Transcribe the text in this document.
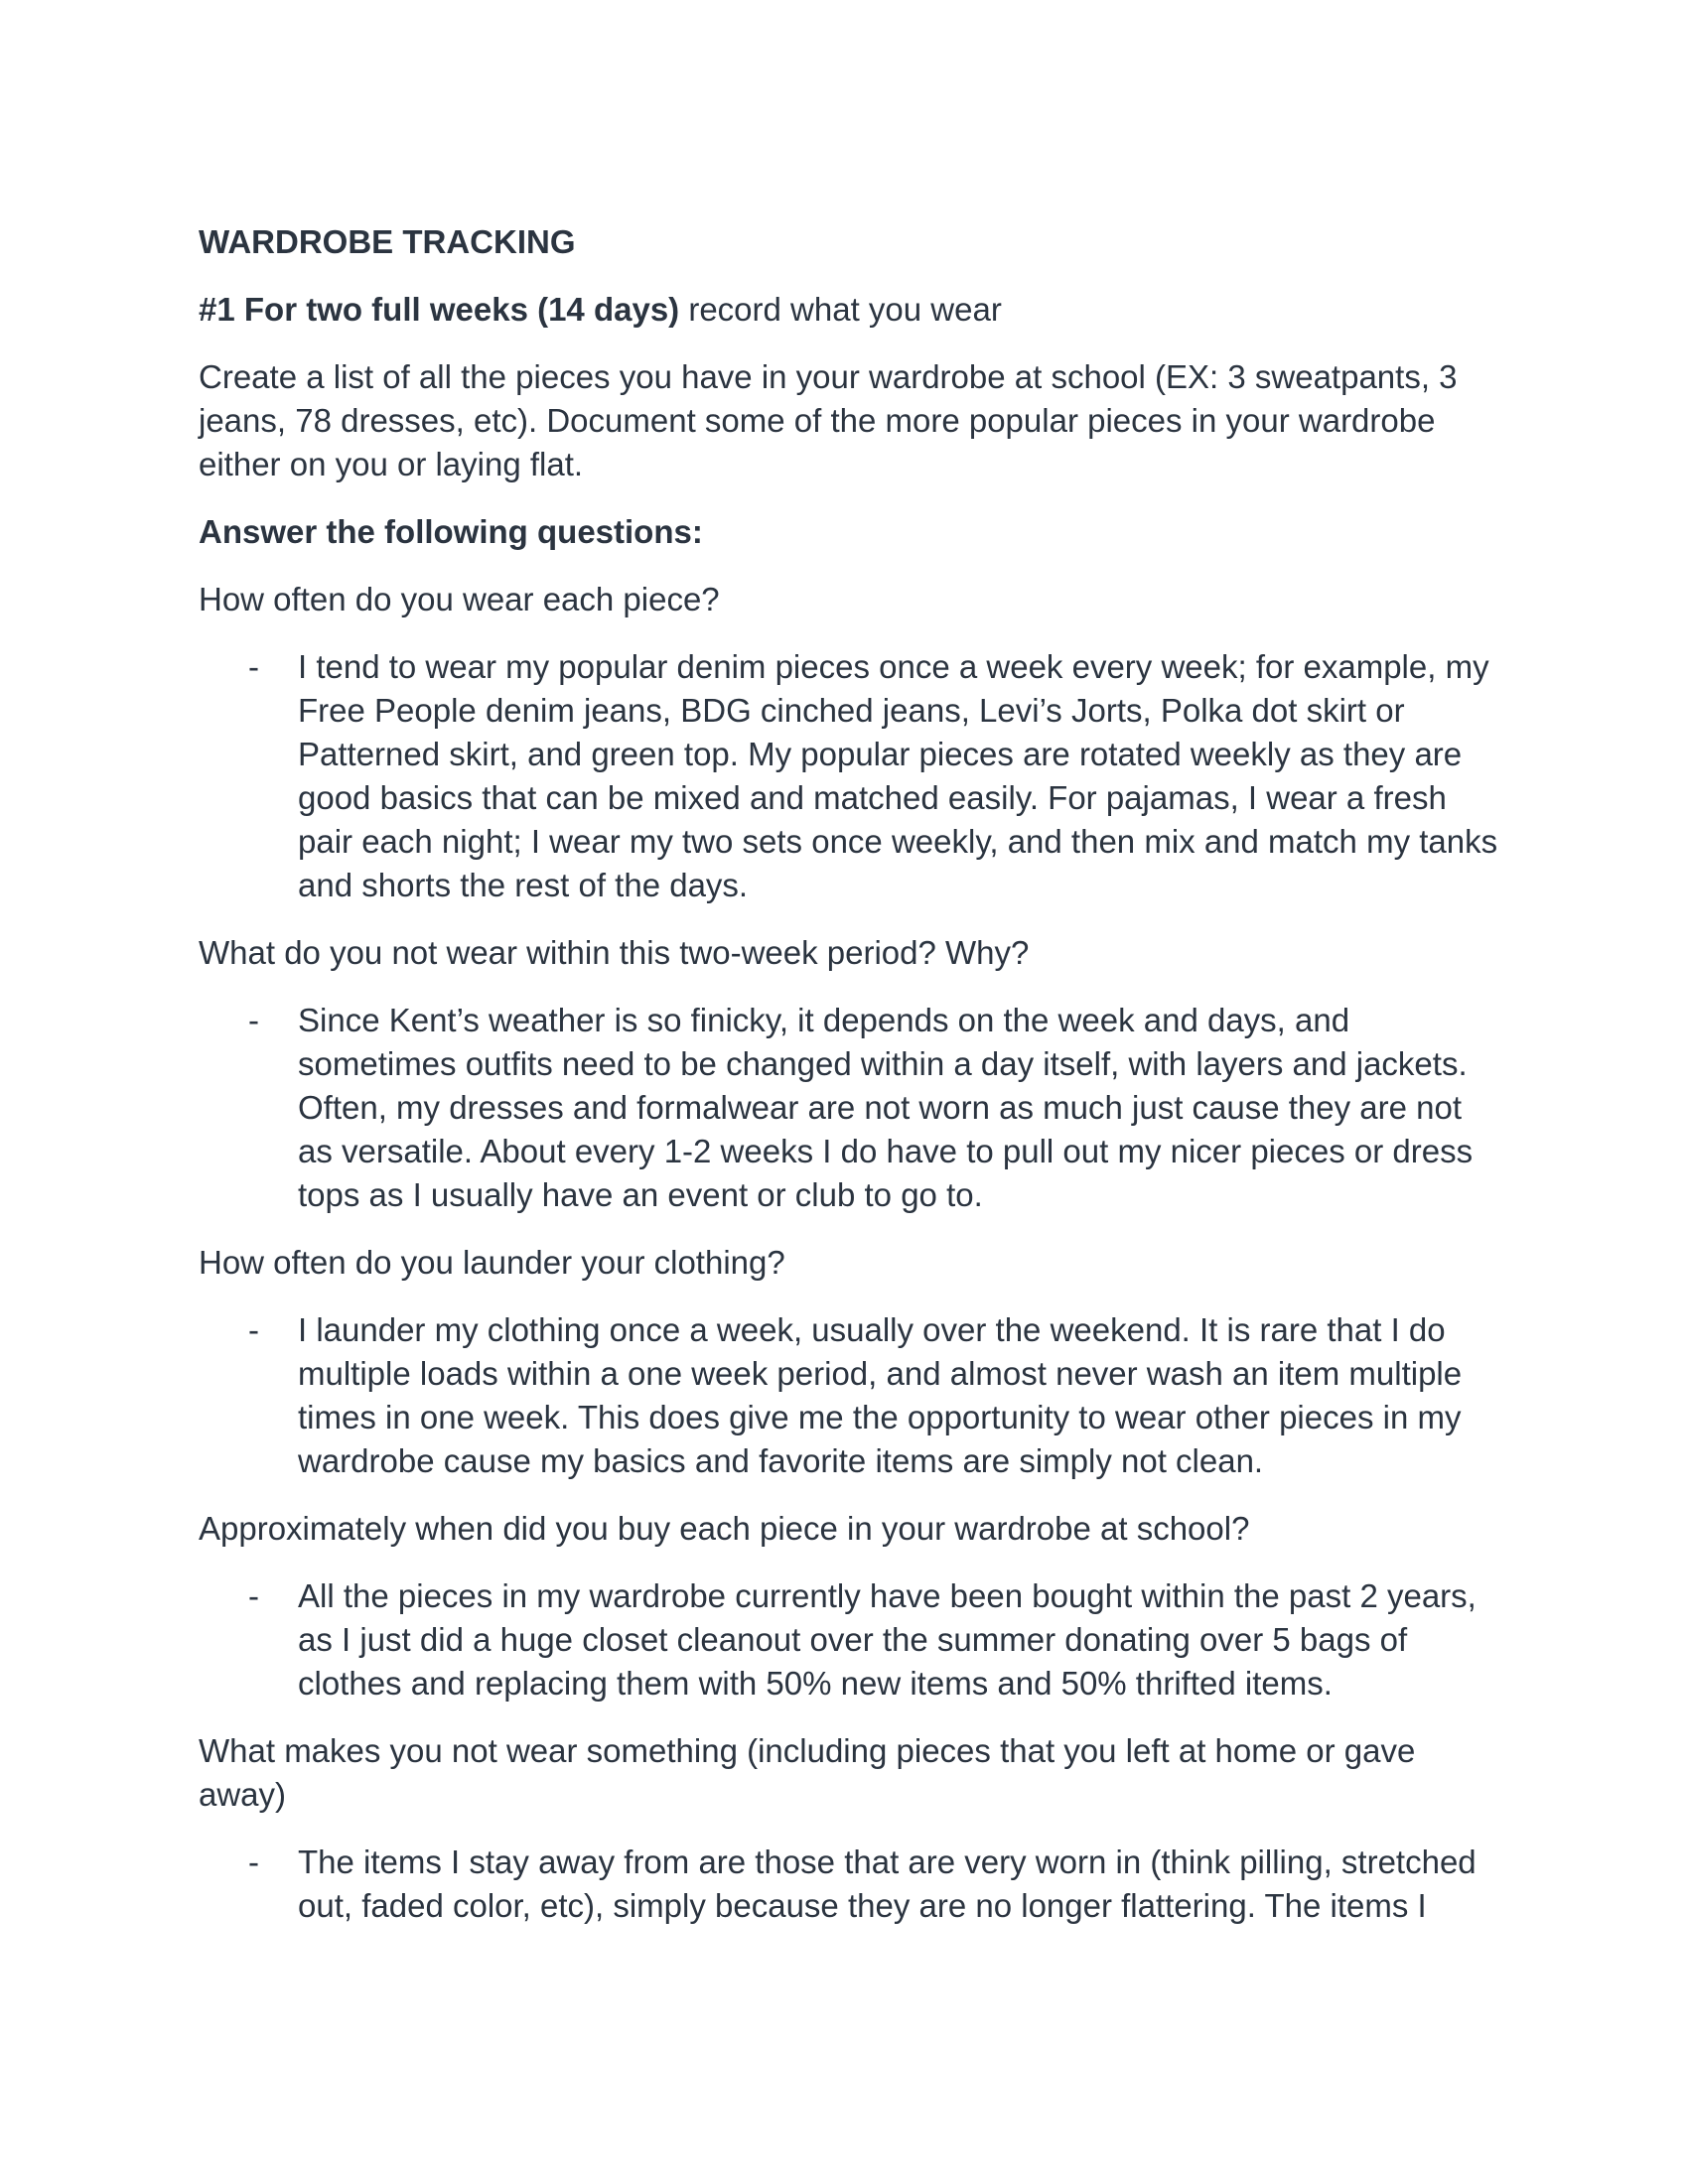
WARDROBE TRACKING
#1 For two full weeks (14 days) record what you wear
Create a list of all the pieces you have in your wardrobe at school (EX: 3 sweatpants, 3 jeans, 78 dresses, etc). Document some of the more popular pieces in your wardrobe either on you or laying flat.
Answer the following questions:
How often do you wear each piece?
- I tend to wear my popular denim pieces once a week every week; for example, my Free People denim jeans, BDG cinched jeans, Levi’s Jorts, Polka dot skirt or Patterned skirt, and green top. My popular pieces are rotated weekly as they are good basics that can be mixed and matched easily. For pajamas, I wear a fresh pair each night; I wear my two sets once weekly, and then mix and match my tanks and shorts the rest of the days.
What do you not wear within this two-week period? Why?
- Since Kent’s weather is so finicky, it depends on the week and days, and sometimes outfits need to be changed within a day itself, with layers and jackets. Often, my dresses and formalwear are not worn as much just cause they are not as versatile. About every 1-2 weeks I do have to pull out my nicer pieces or dress tops as I usually have an event or club to go to.
How often do you launder your clothing?
- I launder my clothing once a week, usually over the weekend. It is rare that I do multiple loads within a one week period, and almost never wash an item multiple times in one week. This does give me the opportunity to wear other pieces in my wardrobe cause my basics and favorite items are simply not clean.
Approximately when did you buy each piece in your wardrobe at school?
- All the pieces in my wardrobe currently have been bought within the past 2 years, as I just did a huge closet cleanout over the summer donating over 5 bags of clothes and replacing them with 50% new items and 50% thrifted items.
What makes you not wear something (including pieces that you left at home or gave away)
- The items I stay away from are those that are very worn in (think pilling, stretched out, faded color, etc), simply because they are no longer flattering. The items I
